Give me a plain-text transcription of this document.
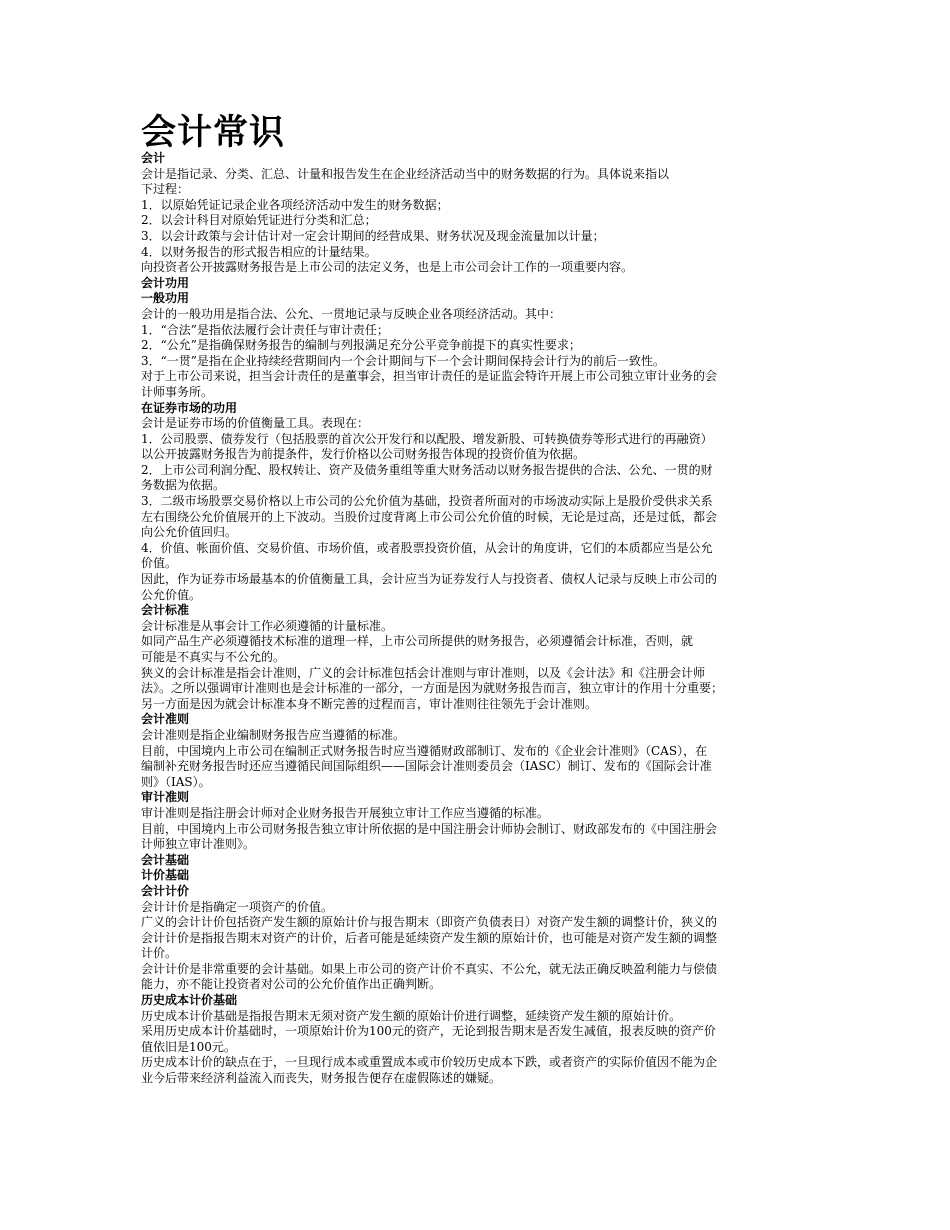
会计常识
会计
会计是指记录、分类、汇总、计量和报告发生在企业经济活动当中的财务数据的行为。具体说来指以
下过程：
1．以原始凭证记录企业各项经济活动中发生的财务数据；
2．以会计科目对原始凭证进行分类和汇总；
3．以会计政策与会计估计对一定会计期间的经营成果、财务状况及现金流量加以计量；
4．以财务报告的形式报告相应的计量结果。
向投资者公开披露财务报告是上市公司的法定义务，也是上市公司会计工作的一项重要内容。
会计功用
一般功用
会计的一般功用是指合法、公允、一贯地记录与反映企业各项经济活动。其中：
1．“合法”是指依法履行会计责任与审计责任；
2．“公允”是指确保财务报告的编制与列报满足充分公平竞争前提下的真实性要求；
3．“一贯”是指在企业持续经营期间内一个会计期间与下一个会计期间保持会计行为的前后一致性。
对于上市公司来说，担当会计责任的是董事会，担当审计责任的是证监会特许开展上市公司独立审计业务的会
计师事务所。
在证券市场的功用
会计是证券市场的价值衡量工具。表现在：
1．公司股票、债券发行（包括股票的首次公开发行和以配股、增发新股、可转换债券等形式进行的再融资）
以公开披露财务报告为前提条件，发行价格以公司财务报告体现的投资价值为依据。
2．上市公司利润分配、股权转让、资产及债务重组等重大财务活动以财务报告提供的合法、公允、一贯的财
务数据为依据。
3．二级市场股票交易价格以上市公司的公允价值为基础，投资者所面对的市场波动实际上是股价受供求关系
左右围绕公允价值展开的上下波动。当股价过度背离上市公司公允价值的时候，无论是过高，还是过低，都会
向公允价值回归。
4．价值、帐面价值、交易价值、市场价值，或者股票投资价值，从会计的角度讲，它们的本质都应当是公允
价值。
因此，作为证券市场最基本的价值衡量工具，会计应当为证券发行人与投资者、债权人记录与反映上市公司的
公允价值。
会计标准
会计标准是从事会计工作必须遵循的计量标准。
如同产品生产必须遵循技术标准的道理一样，上市公司所提供的财务报告，必须遵循会计标准，否则，就
可能是不真实与不公允的。
狭义的会计标准是指会计准则，广义的会计标准包括会计准则与审计准则，以及《会计法》和《注册会计师
法》。之所以强调审计准则也是会计标准的一部分，一方面是因为就财务报告而言，独立审计的作用十分重要；
另一方面是因为就会计标准本身不断完善的过程而言，审计准则往往领先于会计准则。
会计准则
会计准则是指企业编制财务报告应当遵循的标准。
目前，中国境内上市公司在编制正式财务报告时应当遵循财政部制订、发布的《企业会计准则》（CAS），在
编制补充财务报告时还应当遵循民间国际组织——国际会计准则委员会（IASC）制订、发布的《国际会计准
则》（IAS）。
审计准则
审计准则是指注册会计师对企业财务报告开展独立审计工作应当遵循的标准。
目前，中国境内上市公司财务报告独立审计所依据的是中国注册会计师协会制订、财政部发布的《中国注册会
计师独立审计准则》。
会计基础
计价基础
会计计价
会计计价是指确定一项资产的价值。
广义的会计计价包括资产发生额的原始计价与报告期末（即资产负债表日）对资产发生额的调整计价，狭义的
会计计价是指报告期末对资产的计价，后者可能是延续资产发生额的原始计价，也可能是对资产发生额的调整
计价。
会计计价是非常重要的会计基础。如果上市公司的资产计价不真实、不公允，就无法正确反映盈利能力与偿债
能力，亦不能让投资者对公司的公允价值作出正确判断。
历史成本计价基础
历史成本计价基础是指报告期末无须对资产发生额的原始计价进行调整，延续资产发生额的原始计价。
采用历史成本计价基础时，一项原始计价为100元的资产，无论到报告期末是否发生减值，报表反映的资产价
值依旧是100元。
历史成本计价的缺点在于，一旦现行成本或重置成本或市价较历史成本下跌，或者资产的实际价值因不能为企
业今后带来经济利益流入而丧失，财务报告便存在虚假陈述的嫌疑。
